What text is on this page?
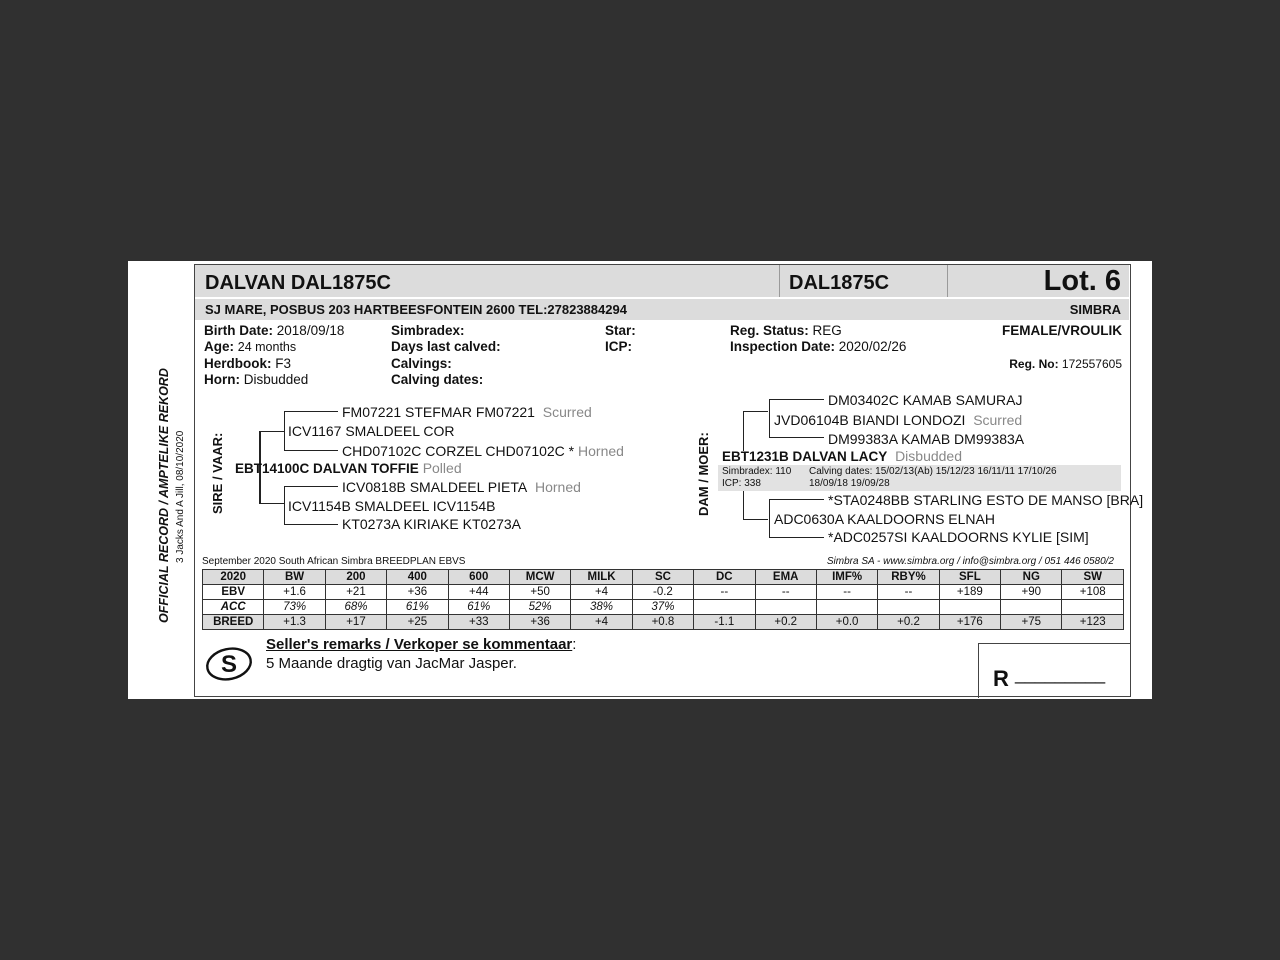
OFFICIAL RECORD / AMPTELIKE REKORD 3 Jacks And A Jill, 08/10/2020
DALVAN DAL1875C	DAL1875C	Lot. 6
SJ MARE, POSBUS 203 HARTBEESFONTEIN 2600 TEL:27823884294	SIMBRA
Birth Date: 2018/09/18
Age: 24 months
Herdbook: F3
Horn: Disbudded
Simbradex:
Days last calved:
Calvings:
Calving dates:
Star:
ICP:
Reg. Status: REG
Inspection Date: 2020/02/26
FEMALE/VROULIK
Reg. No: 172557605
SIRE / VAAR:
FM07221 STEFMAR FM07221 Scurred
ICV1167 SMALDEEL COR
CHD07102C CORZEL CHD07102C * Horned
EBT14100C DALVAN TOFFIE Polled
ICV0818B SMALDEEL PIETA Horned
ICV1154B SMALDEEL ICV1154B
KT0273A KIRIAKE KT0273A
DAM / MOER:
DM03402C KAMAB SAMURAJ
JVD06104B BIANDI LONDOZI Scurred
DM99383A KAMAB DM99383A
EBT1231B DALVAN LACY Disbudded
Simbradex: 110
ICP: 338
Calving dates: 15/02/13(Ab) 15/12/23 16/11/11 17/10/26
18/09/18 19/09/28
*STA0248BB STARLING ESTO DE MANSO [BRA]
ADC0630A KAALDOORNS ELNAH
*ADC0257SI KAALDOORNS KYLIE [SIM]
September 2020 South African Simbra BREEDPLAN EBVS	Simbra SA - www.simbra.org / info@simbra.org / 051 446 0580/2
2020	BW	200	400	600	MCW	MILK	SC	DC	EMA	IMF%	RBY%	SFL	NG	SW
EBV	+1.6	+21	+36	+44	+50	+4	-0.2	--	--	--	--	+189	+90	+108
ACC	73%	68%	61%	61%	52%	38%	37%							
BREED	+1.3	+17	+25	+33	+36	+4	+0.8	-1.1	+0.2	+0.0	+0.2	+176	+75	+123
S
Seller's remarks / Verkoper se kommentaar:
5 Maande dragtig van JacMar Jasper.
R _________
